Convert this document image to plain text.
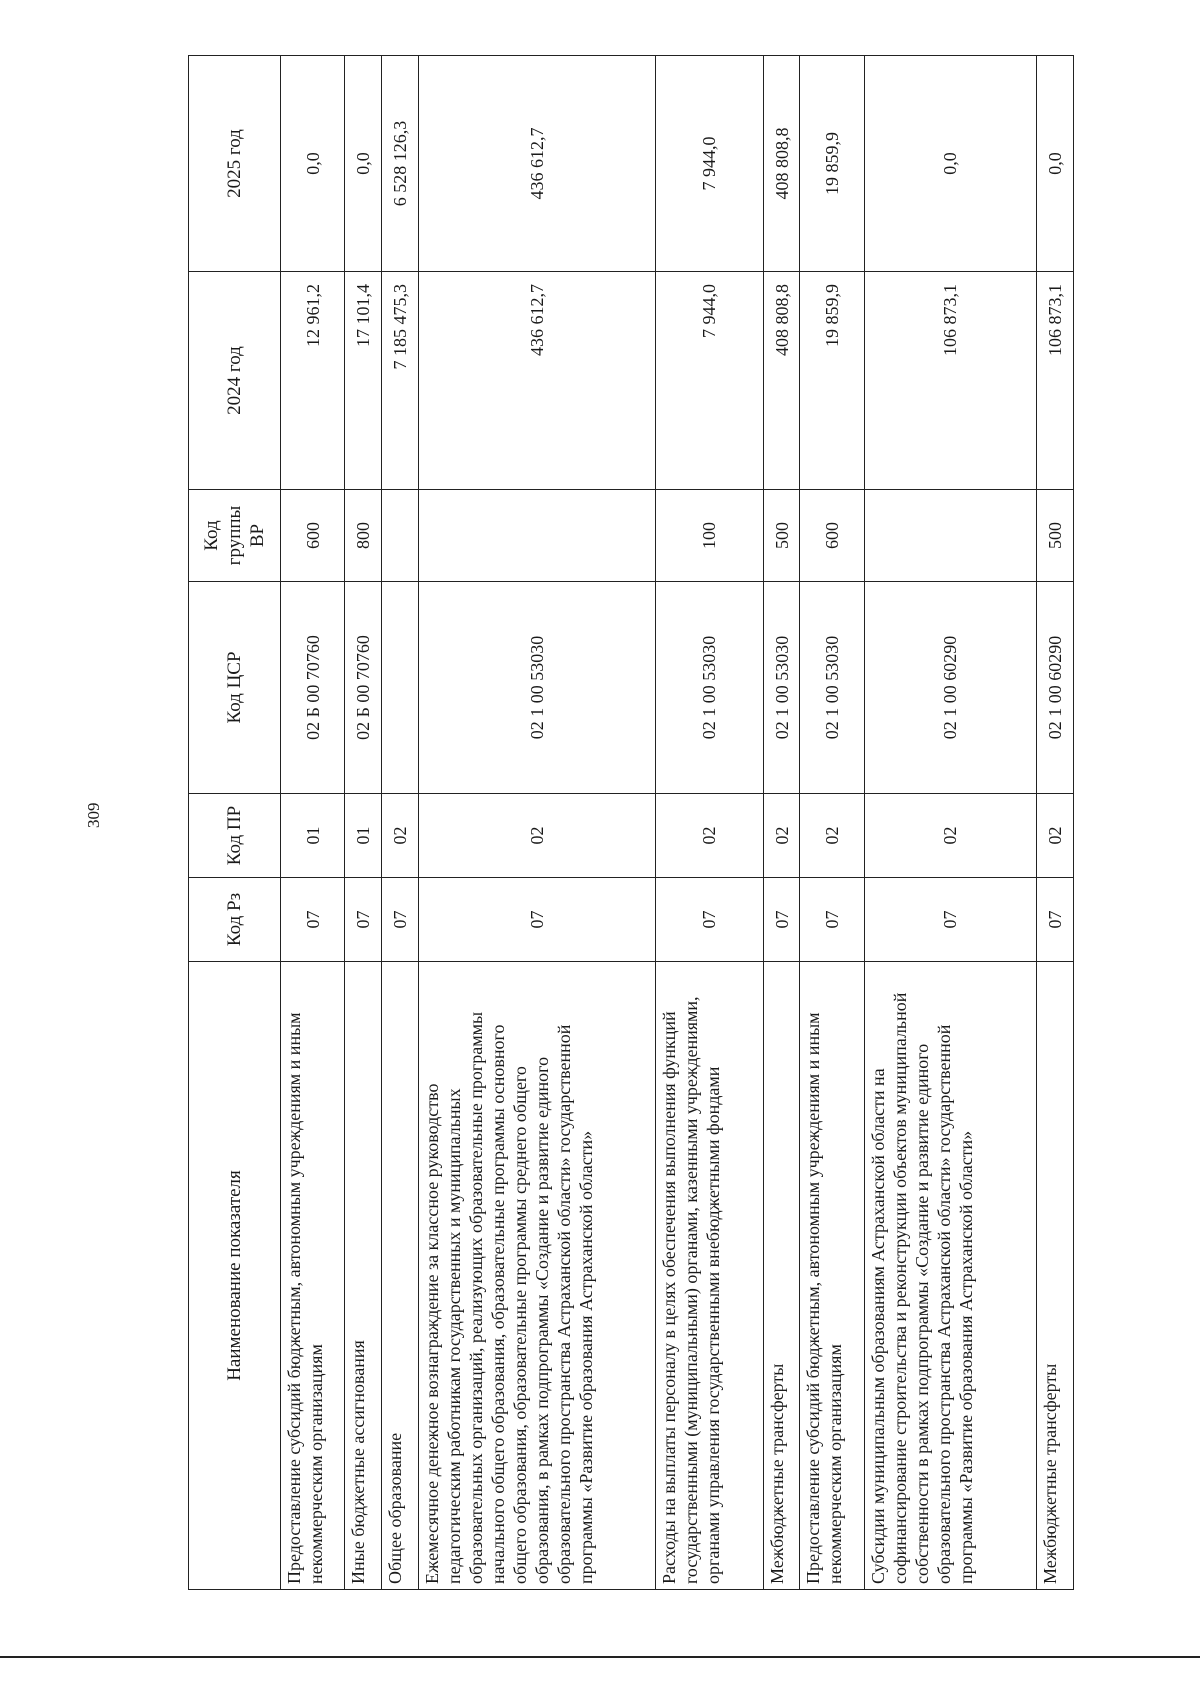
309
Наименование показателя	Код Рз	Код ПР	Код ЦСР	Код группы ВР	2024 год	2025 год
Предоставление субсидий бюджетным, автономным учреждениям и иным некоммерческим организациям	07	01	02 Б 00 70760	600	12 961,2	0,0
Иные бюджетные ассигнования	07	01	02 Б 00 70760	800	17 101,4	0,0
Общее образование	07	02			7 185 475,3	6 528 126,3
Ежемесячное денежное вознаграждение за классное руководство педагогическим работникам государственных и муниципальных образовательных организаций, реализующих образовательные программы начального общего образования, образовательные программы основного общего образования, образовательные программы среднего общего образования, в рамках подпрограммы «Создание и развитие единого образовательного пространства Астраханской области» государственной программы «Развитие образования Астраханской области»	07	02	02 1 00 53030		436 612,7	436 612,7
Расходы на выплаты персоналу в целях обеспечения выполнения функций государственными (муниципальными) органами, казенными учреждениями, органами управления государственными внебюджетными фондами	07	02	02 1 00 53030	100	7 944,0	7 944,0
Межбюджетные трансферты	07	02	02 1 00 53030	500	408 808,8	408 808,8
Предоставление субсидий бюджетным, автономным учреждениям и иным некоммерческим организациям	07	02	02 1 00 53030	600	19 859,9	19 859,9
Субсидии муниципальным образованиям Астраханской области на софинансирование строительства и реконструкции объектов муниципальной собственности в рамках подпрограммы «Создание и развитие единого образовательного пространства Астраханской области» государственной программы «Развитие образования Астраханской области»	07	02	02 1 00 60290		106 873,1	0,0
Межбюджетные трансферты	07	02	02 1 00 60290	500	106 873,1	0,0
